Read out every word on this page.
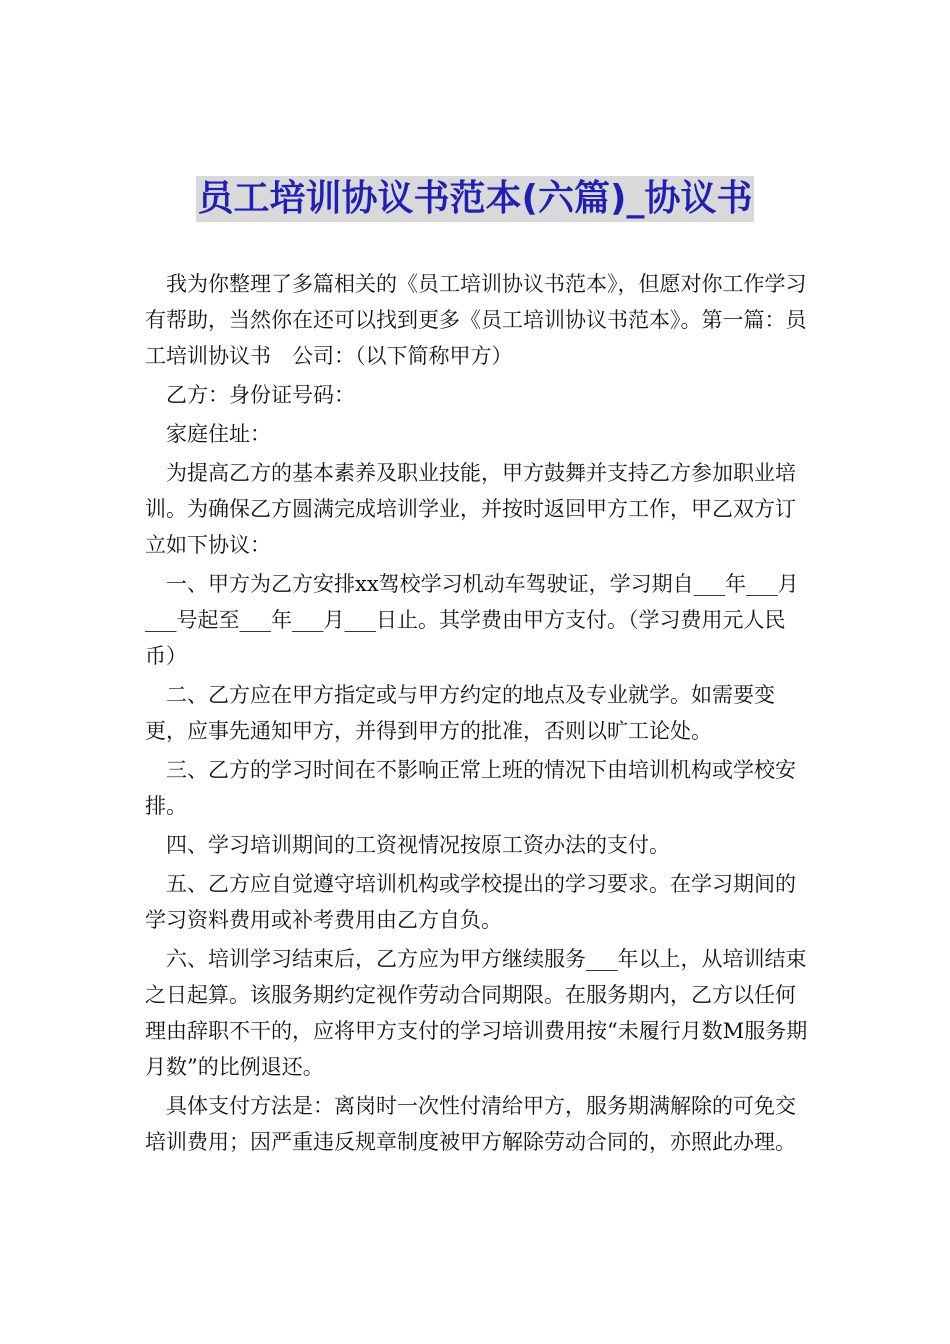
员工培训协议书范本(六篇)_协议书

我为你整理了多篇相关的《员工培训协议书范本》，但愿对你工作学习有帮助，当然你在还可以找到更多《员工培训协议书范本》。第一篇：员工培训协议书　公司：（以下简称甲方）

乙方：身份证号码：

家庭住址：

为提高乙方的基本素养及职业技能，甲方鼓舞并支持乙方参加职业培训。为确保乙方圆满完成培训学业，并按时返回甲方工作，甲乙双方订立如下协议：

一、甲方为乙方安排xx驾校学习机动车驾驶证，学习期自___年___月___号起至___年___月___日止。其学费由甲方支付。（学习费用元人民币）

二、乙方应在甲方指定或与甲方约定的地点及专业就学。如需要变更，应事先通知甲方，并得到甲方的批准，否则以旷工论处。

三、乙方的学习时间在不影响正常上班的情况下由培训机构或学校安排。

四、学习培训期间的工资视情况按原工资办法的支付。

五、乙方应自觉遵守培训机构或学校提出的学习要求。在学习期间的学习资料费用或补考费用由乙方自负。

六、培训学习结束后，乙方应为甲方继续服务___年以上，从培训结束之日起算。该服务期约定视作劳动合同期限。在服务期内，乙方以任何理由辞职不干的，应将甲方支付的学习培训费用按“未履行月数M服务期月数”的比例退还。

具体支付方法是：离岗时一次性付清给甲方，服务期满解除的可免交培训费用；因严重违反规章制度被甲方解除劳动合同的，亦照此办理。
